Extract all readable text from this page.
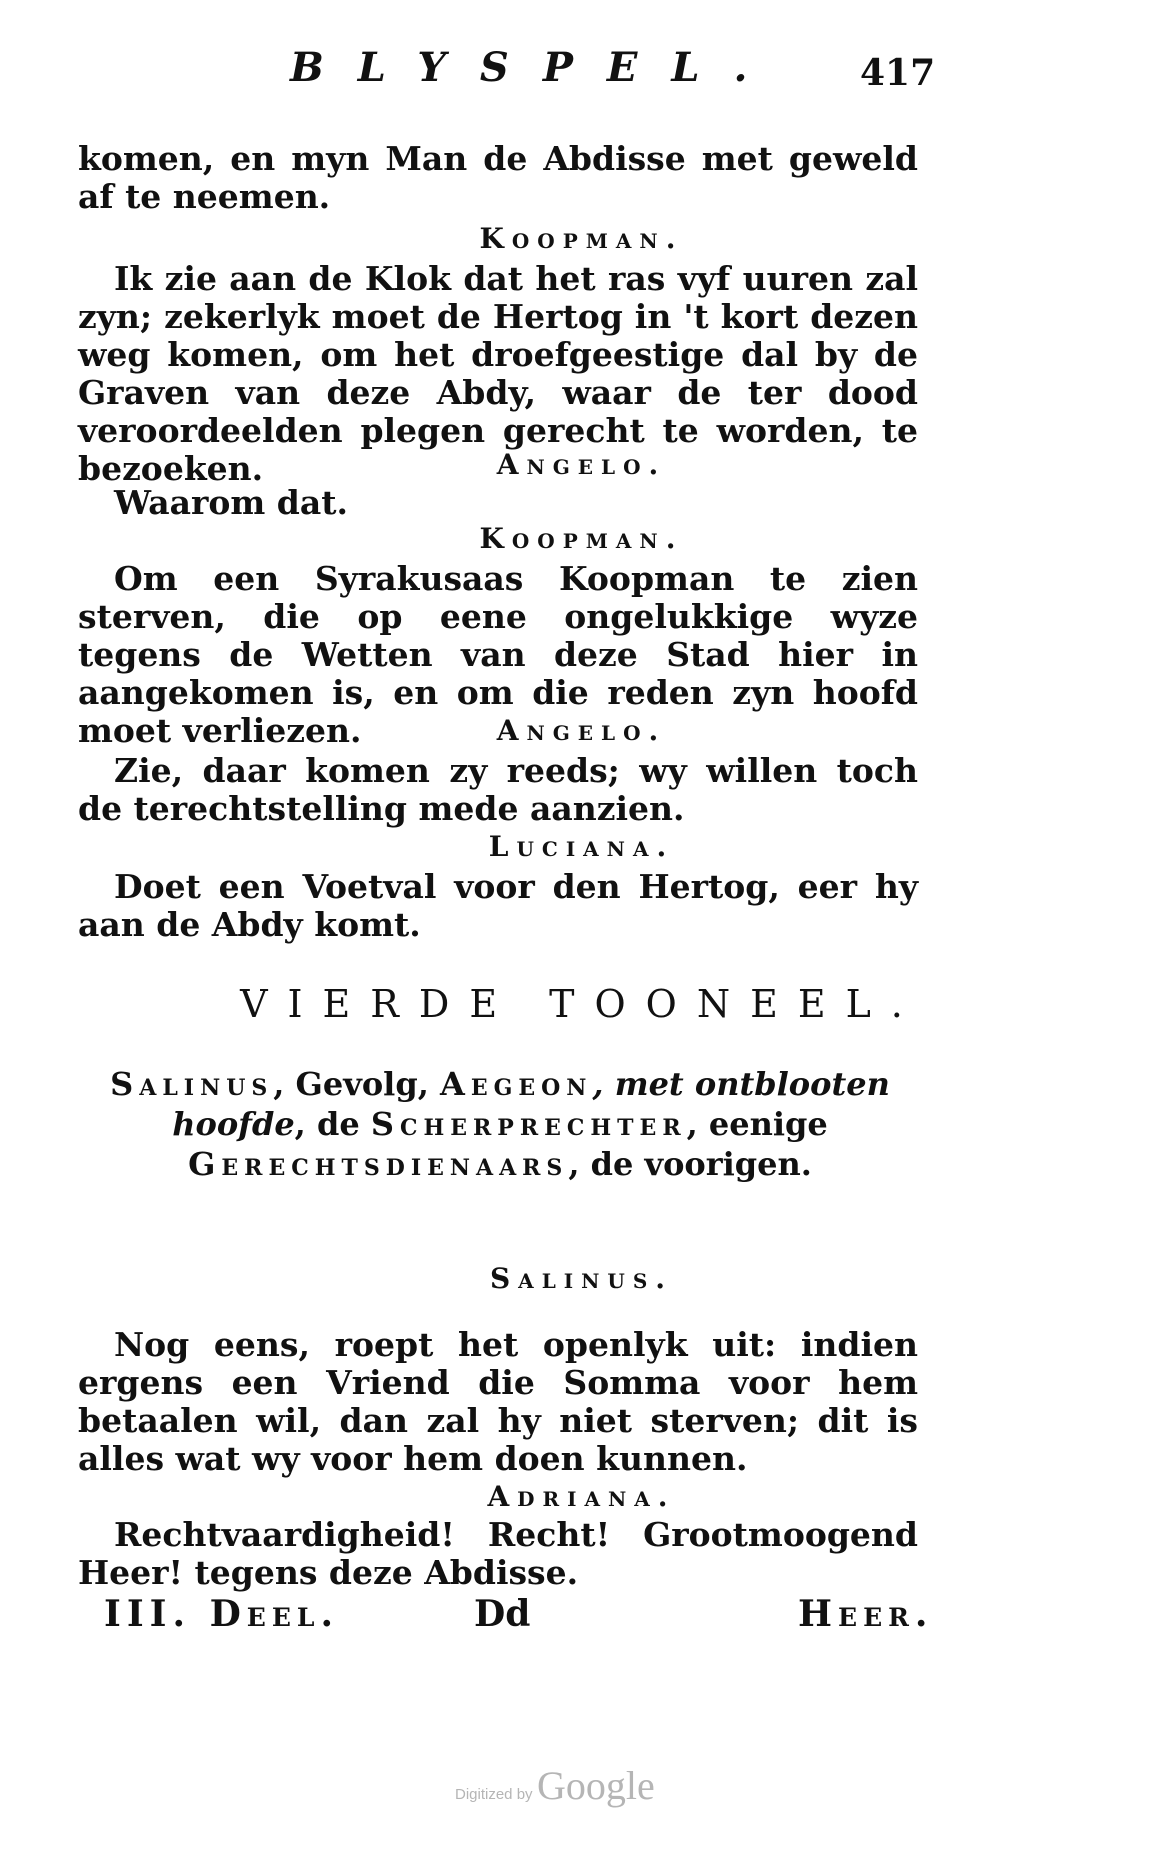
BLYSPEL. 417
komen, en myn Man de Abdisse met geweld af te neemen.
Koopman.
Ik zie aan de Klok dat het ras vyf uuren zal zyn; zekerlyk moet de Hertog in 't kort dezen weg komen, om het droefgeestige dal by de Graven van deze Abdy, waar de ter dood veroordeelden plegen gerecht te worden, te bezoeken.	Angelo.
Waarom dat.
Koopman.
Om een Syrakusaas Koopman te zien sterven, die op eene ongelukkige wyze tegens de Wetten van deze Stad hier in aangekomen is, en om die reden zyn hoofd moet verliezen.	Angelo.
Zie, daar komen zy reeds; wy willen toch de terechtstelling mede aanzien.
Luciana.
Doet een Voetval voor den Hertog, eer hy aan de Abdy komt.
VIERDE TOONEEL.
Salinus, Gevolg, Aegeon, met ontblooten hoofde, de Scherprechter, eenige Gerechtsdienaars, de voorigen.
Salinus.
Nog eens, roept het openlyk uit: indien ergens een Vriend die Somma voor hem betaalen wil, dan zal hy niet sterven; dit is alles wat wy voor hem doen kunnen.
Adriana.
Rechtvaardigheid! Recht! Grootmoogend Heer! tegens deze Abdisse.
III. Deel.	Dd	Heer.
Digitized by Google
